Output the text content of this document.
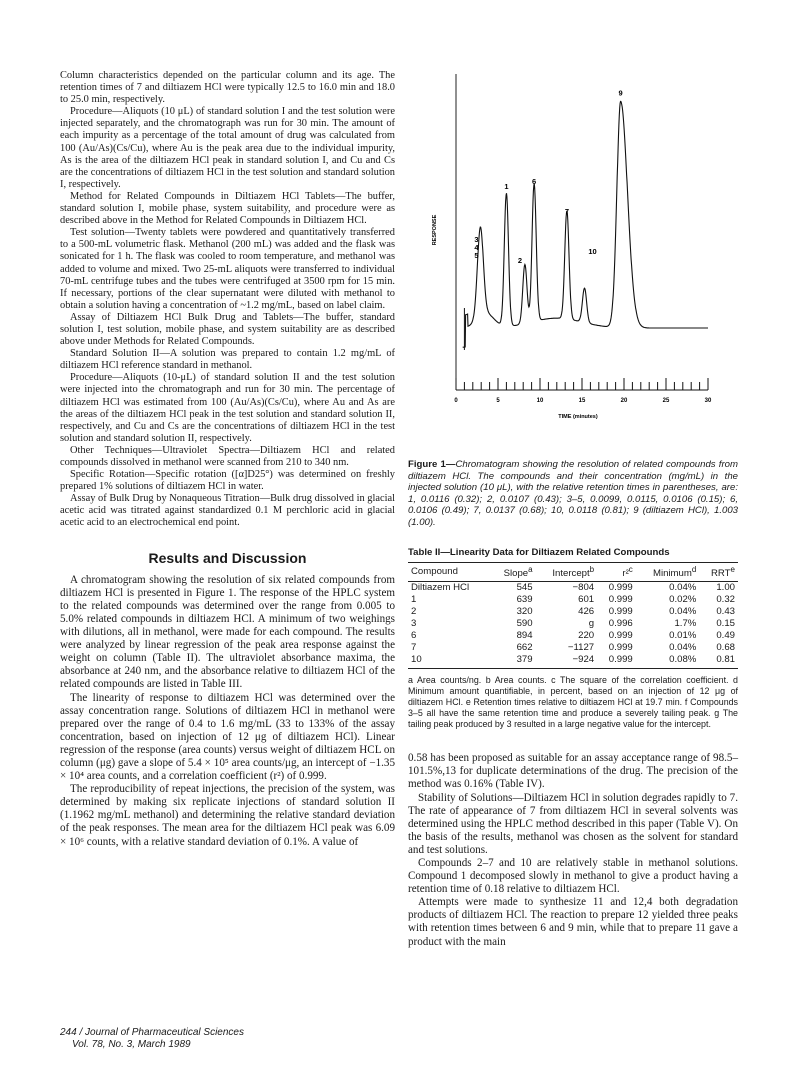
Column characteristics depended on the particular column and its age. The retention times of 7 and diltiazem HCl were typically 12.5 to 16.0 min and 18.0 to 25.0 min, respectively.

Procedure—Aliquots (10 μL) of standard solution I and the test solution were injected separately, and the chromatograph was run for 30 min. The amount of each impurity as a percentage of the total amount of drug was calculated from 100 (Au/As)(Cs/Cu), where Au is the peak area due to the individual impurity, As is the area of the diltiazem HCl peak in standard solution I, and Cu and Cs are the concentrations of diltiazem HCl in the test solution and standard solution I, respectively.

Method for Related Compounds in Diltiazem HCl Tablets—The buffer, standard solution I, mobile phase, system suitability, and procedure were as described above in the Method for Related Compounds in Diltiazem HCl.

Test solution—Twenty tablets were powdered and quantitatively transferred to a 500-mL volumetric flask. Methanol (200 mL) was added and the flask was sonicated for 1 h. The flask was cooled to room temperature, and methanol was added to volume and mixed. Two 25-mL aliquots were transferred to individual 70-mL centrifuge tubes and the tubes were centrifuged at 3500 rpm for 15 min. If necessary, portions of the clear supernatant were diluted with methanol to obtain a solution having a concentration of ~1.2 mg/mL, based on label claim.

Assay of Diltiazem HCl Bulk Drug and Tablets—The buffer, standard solution I, test solution, mobile phase, and system suitability are as described above under Methods for Related Compounds.

Standard Solution II—A solution was prepared to contain 1.2 mg/mL of diltiazem HCl reference standard in methanol.

Procedure—Aliquots (10-μL) of standard solution II and the test solution were injected into the chromatograph and run for 30 min. The percentage of diltiazem HCl was estimated from 100 (Au/As)(Cs/Cu), where Au and As are the areas of the diltiazem HCl peak in the test solution and standard solution II, respectively, and Cu and Cs are the concentrations of diltiazem HCl in the test solution and standard solution II, respectively.

Other Techniques—Ultraviolet Spectra—Diltiazem HCl and related compounds dissolved in methanol were scanned from 210 to 340 nm.

Specific Rotation—Specific rotation ([α]D25°) was determined on freshly prepared 1% solutions of diltiazem HCl in water.

Assay of Bulk Drug by Nonaqueous Titration—Bulk drug dissolved in glacial acetic acid was titrated against standardized 0.1 M perchloric acid in glacial acetic acid to an electrochemical end point.

Results and Discussion

A chromatogram showing the resolution of six related compounds from diltiazem HCl is presented in Figure 1. The response of the HPLC system to the related compounds was determined over the range from 0.005 to 5.0% related compounds in diltiazem HCl. A minimum of two weighings with dilutions, all in methanol, were made for each compound. The results were analyzed by linear regression of the peak area response against the weight on column (Table II). The ultraviolet absorbance maxima, the absorbance at 240 nm, and the absorbance relative to diltiazem HCl of the related compounds are listed in Table III.

The linearity of response to diltiazem HCl was determined over the assay concentration range. Solutions of diltiazem HCl in methanol were prepared over the range of 0.4 to 1.6 mg/mL (33 to 133% of the assay concentration, based on injection of 12 μg of diltiazem HCl). Linear regression of the response (area counts) versus weight of diltiazem HCL on column (μg) gave a slope of 5.4 × 10⁵ area counts/μg, an intercept of −1.35 × 10⁴ area counts, and a correlation coefficient (r²) of 0.999.

The reproducibility of repeat injections, the precision of the system, was determined by making six replicate injections of standard solution II (1.1962 mg/mL methanol) and determining the relative standard deviation of the peak responses. The mean area for the diltiazem HCl peak was 6.09 × 10⁶ counts, with a relative standard deviation of 0.1%. A value of

RESPONSE	3
4
5
1
2
6
7
10
9
0	5	10	15	20	25	30
TIME (minutes)
Figure 1—Chromatogram showing the resolution of related compounds from diltiazem HCl. The compounds and their concentration (mg/mL) in the injected solution (10 μL), with the relative retention times in parentheses, are: 1, 0.0116 (0.32); 2, 0.0107 (0.43); 3–5, 0.0099, 0.0115, 0.0106 (0.15); 6, 0.0106 (0.49); 7, 0.0137 (0.68); 10, 0.0118 (0.81); 9 (diltiazem HCl), 1.003 (1.00).
Table II—Linearity Data for Diltiazem Related Compounds
Compound	Slope$^a$	Intercept$^b$	r²$^c$	Minimum$^d$	RRT$^e$
Diltiazem HCl	545	−804	0.999	0.04%	1.00
1	639	601	0.999	0.02%	0.32
2	320	426	0.999	0.04%	0.43
3	590	g	0.996	1.7%	0.15
6	894	220	0.999	0.01%	0.49
7	662	−1127	0.999	0.04%	0.68
10	379	−924	0.999	0.08%	0.81
a Area counts/ng. b Area counts. c The square of the correlation coefficient. d Minimum amount quantifiable, in percent, based on an injection of 12 μg of diltiazem HCl. e Retention times relative to diltiazem HCl at 19.7 min. f Compounds 3–5 all have the same retention time and produce a severely tailing peak. g The tailing peak produced by 3 resulted in a large negative value for the intercept.

0.58 has been proposed as suitable for an assay acceptance range of 98.5–101.5%,13 for duplicate determinations of the drug. The precision of the method was 0.16% (Table IV).

Stability of Solutions—Diltiazem HCl in solution degrades rapidly to 7. The rate of appearance of 7 from diltiazem HCl in several solvents was determined using the HPLC method described in this paper (Table V). On the basis of the results, methanol was chosen as the solvent for standard and test solutions.

Compounds 2–7 and 10 are relatively stable in methanol solutions. Compound 1 decomposed slowly in methanol to give a product having a retention time of 0.18 relative to diltiazem HCl.

Attempts were made to synthesize 11 and 12,4 both degradation products of diltiazem HCl. The reaction to prepare 12 yielded three peaks with retention times between 6 and 9 min, while that to prepare 11 gave a product with the main

244 / Journal of Pharmaceutical Sciences
Vol. 78, No. 3, March 1989
